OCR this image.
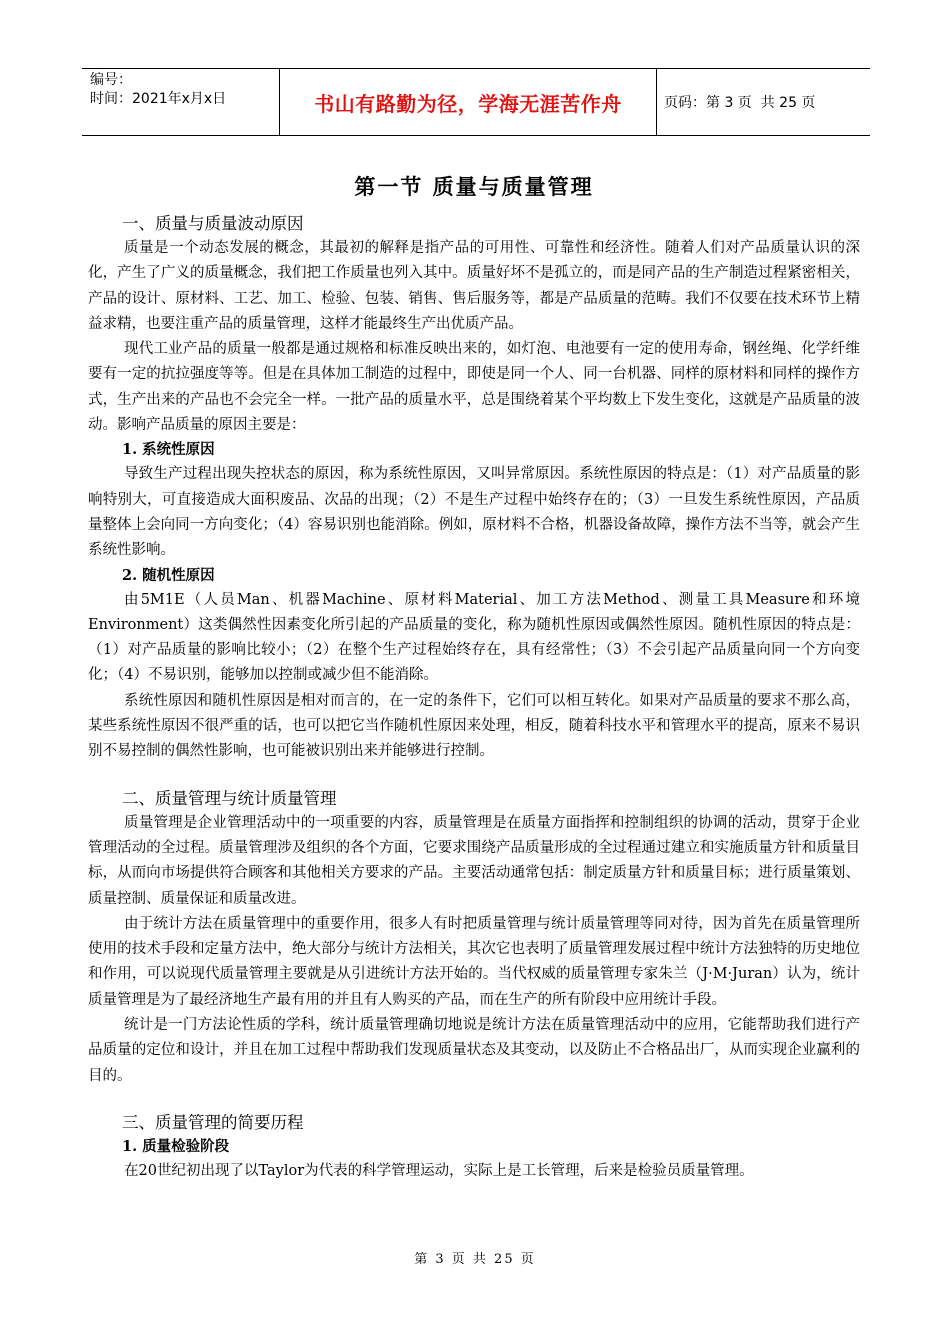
编号：
时间：2021年x月x日	书山有路勤为径，学海无涯苦作舟	页码：第 3 页  共 25 页
第一节 质量与质量管理
一、质量与质量波动原因

质量是一个动态发展的概念，其最初的解释是指产品的可用性、可靠性和经济性。随着人们对产品质量认识的深化，产生了广义的质量概念，我们把工作质量也列入其中。质量好坏不是孤立的，而是同产品的生产制造过程紧密相关，产品的设计、原材料、工艺、加工、检验、包装、销售、售后服务等，都是产品质量的范畴。我们不仅要在技术环节上精益求精，也要注重产品的质量管理，这样才能最终生产出优质产品。

现代工业产品的质量一般都是通过规格和标准反映出来的，如灯泡、电池要有一定的使用寿命，钢丝绳、化学纤维要有一定的抗拉强度等等。但是在具体加工制造的过程中，即使是同一个人、同一台机器、同样的原材料和同样的操作方式，生产出来的产品也不会完全一样。一批产品的质量水平，总是围绕着某个平均数上下发生变化，这就是产品质量的波动。影响产品质量的原因主要是：

1. 系统性原因

导致生产过程出现失控状态的原因，称为系统性原因，又叫异常原因。系统性原因的特点是：（1）对产品质量的影响特别大，可直接造成大面积废品、次品的出现；（2）不是生产过程中始终存在的；（3）一旦发生系统性原因，产品质量整体上会向同一方向变化；（4）容易识别也能消除。例如，原材料不合格，机器设备故障，操作方法不当等，就会产生系统性影响。

2. 随机性原因

由5M1E（人员Man、机器Machine、原材料Material、加工方法Method、测量工具Measure和环境Environment）这类偶然性因素变化所引起的产品质量的变化，称为随机性原因或偶然性原因。随机性原因的特点是：（1）对产品质量的影响比较小；（2）在整个生产过程始终存在，具有经常性；（3）不会引起产品质量向同一个方向变化；（4）不易识别，能够加以控制或减少但不能消除。

系统性原因和随机性原因是相对而言的，在一定的条件下，它们可以相互转化。如果对产品质量的要求不那么高，某些系统性原因不很严重的话，也可以把它当作随机性原因来处理，相反，随着科技水平和管理水平的提高，原来不易识别不易控制的偶然性影响，也可能被识别出来并能够进行控制。

二、质量管理与统计质量管理

质量管理是企业管理活动中的一项重要的内容，质量管理是在质量方面指挥和控制组织的协调的活动，贯穿于企业管理活动的全过程。质量管理涉及组织的各个方面，它要求围绕产品质量形成的全过程通过建立和实施质量方针和质量目标，从而向市场提供符合顾客和其他相关方要求的产品。主要活动通常包括：制定质量方针和质量目标；进行质量策划、质量控制、质量保证和质量改进。

由于统计方法在质量管理中的重要作用，很多人有时把质量管理与统计质量管理等同对待，因为首先在质量管理所使用的技术手段和定量方法中，绝大部分与统计方法相关，其次它也表明了质量管理发展过程中统计方法独特的历史地位和作用，可以说现代质量管理主要就是从引进统计方法开始的。当代权威的质量管理专家朱兰（J·M·Juran）认为，统计质量管理是为了最经济地生产最有用的并且有人购买的产品，而在生产的所有阶段中应用统计手段。

统计是一门方法论性质的学科，统计质量管理确切地说是统计方法在质量管理活动中的应用，它能帮助我们进行产品质量的定位和设计，并且在加工过程中帮助我们发现质量状态及其变动，以及防止不合格品出厂，从而实现企业赢利的目的。

三、质量管理的简要历程
1. 质量检验阶段

在20世纪初出现了以Taylor为代表的科学管理运动，实际上是工长管理，后来是检验员质量管理。

第 3 页 共 25 页
